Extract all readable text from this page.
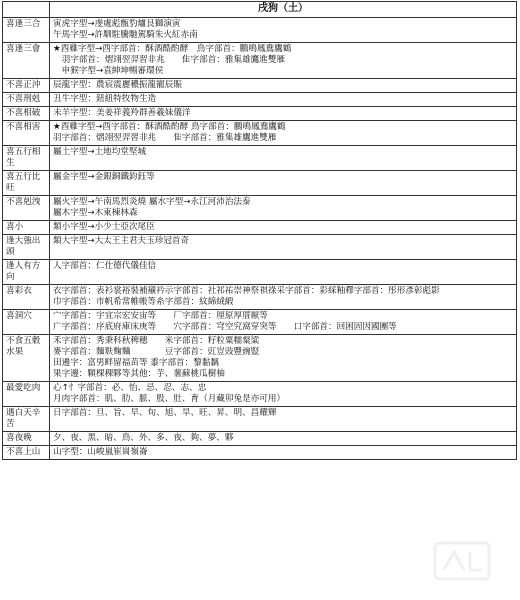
	戌狗（土）
喜逢三合	寅虎字型→虔處彪甑豹爐艮獅演寅
午馬字型→許馴駐騰馳駕騎朱火紅赤南

喜逢三會	★酉雞字型→酉字部首：酥酒酷酌酵　鳥字部首：鵬鳴鳳鴦鷹鶴
　羽字部首：熠翊翌羿習非兆　　隹字部首：雅集雄鷹進雙雁
　申猴字型→袁紳坤暢審環侯

不喜正沖	辰龍字型：農宸震麗穠振龍寵辰賑

不喜刑剋	丑牛字型：鈕紐特牧物生造

不喜相破	未羊字型：美姜祥義羚群善羲妹儀洋

不喜相害	★酉雞字型→酉字部首：酥酒酷酌酵 鳥字部首：鵬鳴鳳鴦鷹鶴
羽字部首：熠翊翌羿習非兆　　隹字部首：雅集雄鷹進雙雁

喜五行相生	屬土字型→土地均堂堅城

喜五行比旺	屬金字型→金銀銅鐵鈞鈺等

不喜剋洩	屬火字型→午南馬烈炎燒 屬水字型→永江河沛治法泰
屬木字型→木東棟林森

喜小	類小字型→小少士亞次尾臣

逢大強出頭	類大字型→大太王主君夫玉珍冠首奇

逢人有方向	人字部首：仁仕德代儀佳信

喜彩衣	衣字部首：表衫裳裕裝補襯衿示字部首：社祁祐崇神祭祺祿采字部首：彩綵釉釋字部首：彤形彥彰彪影
巾字部首：市帆希常帷帳等糸字部首：紋綿絨緞

喜洞穴	宀字部首：宇宜宗宏安宙等　　厂字部首：厘原厚厝厭等
广字部首：序底府庫床庚等　　穴字部首：穹空究窩穿突等　　口字部首：回困固因國團等

不食五穀水果	禾字部首：秀秉科秋稗穗　　米字部首：籽粒粟糯粲粱
麥字部首：麵麩麴麯　　　　豆字部首：豇豈豉豐豌豎
田邊字：富男畔留福苗等 黍字部首：黎黏黐
果字邊：顆棵稞夥等其他：芋、薯蘇桃瓜樹柚

最愛吃肉	心↑忄字部首：必、怡、忌、忍、志、忠
月肉字部首：肌、肋、脈、股、肚、育（月藏卯兔是亦可用）

遇白天辛苦	日字部首：旦、旨、早、旬、旭、旱、旺、昇、明、昌耀輝

喜夜晚	夕、夜、黑、暗、鳥、外、多、夜、夠、夢、夥

不喜上山	山字型：山峻嵐崔崗嶺崙
